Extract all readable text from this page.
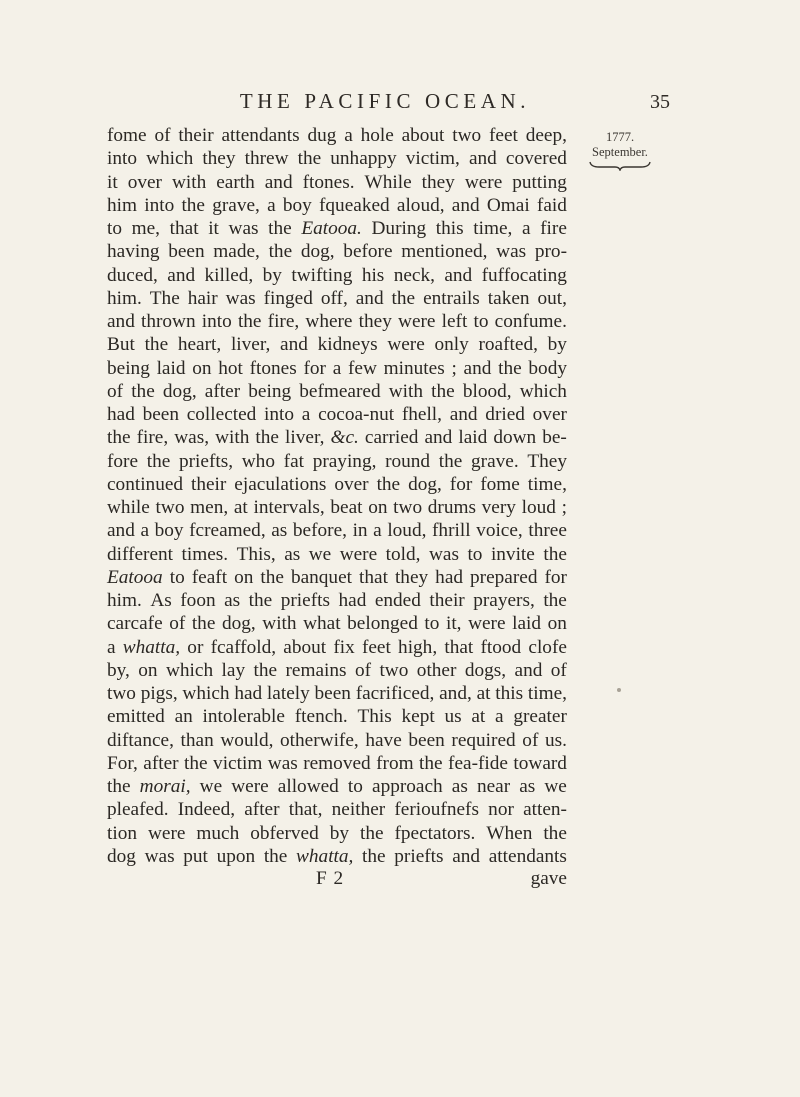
THE PACIFIC OCEAN.	35
1777.
September.
fome of their attendants dug a hole about two feet deep,
into which they threw the unhappy victim, and covered
it over with earth and ftones. While they were putting
him into the grave, a boy fqueaked aloud, and Omai faid
to me, that it was the Eatooa. During this time, a fire
having been made, the dog, before mentioned, was pro-
duced, and killed, by twifting his neck, and fuffocating
him. The hair was finged off, and the entrails taken out,
and thrown into the fire, where they were left to confume.
But the heart, liver, and kidneys were only roafted, by
being laid on hot ftones for a few minutes ; and the body
of the dog, after being befmeared with the blood, which
had been collected into a cocoa-nut fhell, and dried over
the fire, was, with the liver, &c. carried and laid down be-
fore the priefts, who fat praying, round the grave. They
continued their ejaculations over the dog, for fome time,
while two men, at intervals, beat on two drums very loud ;
and a boy fcreamed, as before, in a loud, fhrill voice, three
different times. This, as we were told, was to invite the
Eatooa to feaft on the banquet that they had prepared for
him. As foon as the priefts had ended their prayers, the
carcafe of the dog, with what belonged to it, were laid on
a whatta, or fcaffold, about fix feet high, that ftood clofe
by, on which lay the remains of two other dogs, and of
two pigs, which had lately been facrificed, and, at this time,
emitted an intolerable ftench. This kept us at a greater
diftance, than would, otherwife, have been required of us.
For, after the victim was removed from the fea-fide toward
the morai, we were allowed to approach as near as we
pleafed. Indeed, after that, neither ferioufnefs nor atten-
tion were much obferved by the fpectators. When the
dog was put upon the whatta, the priefts and attendants
F 2	gave
